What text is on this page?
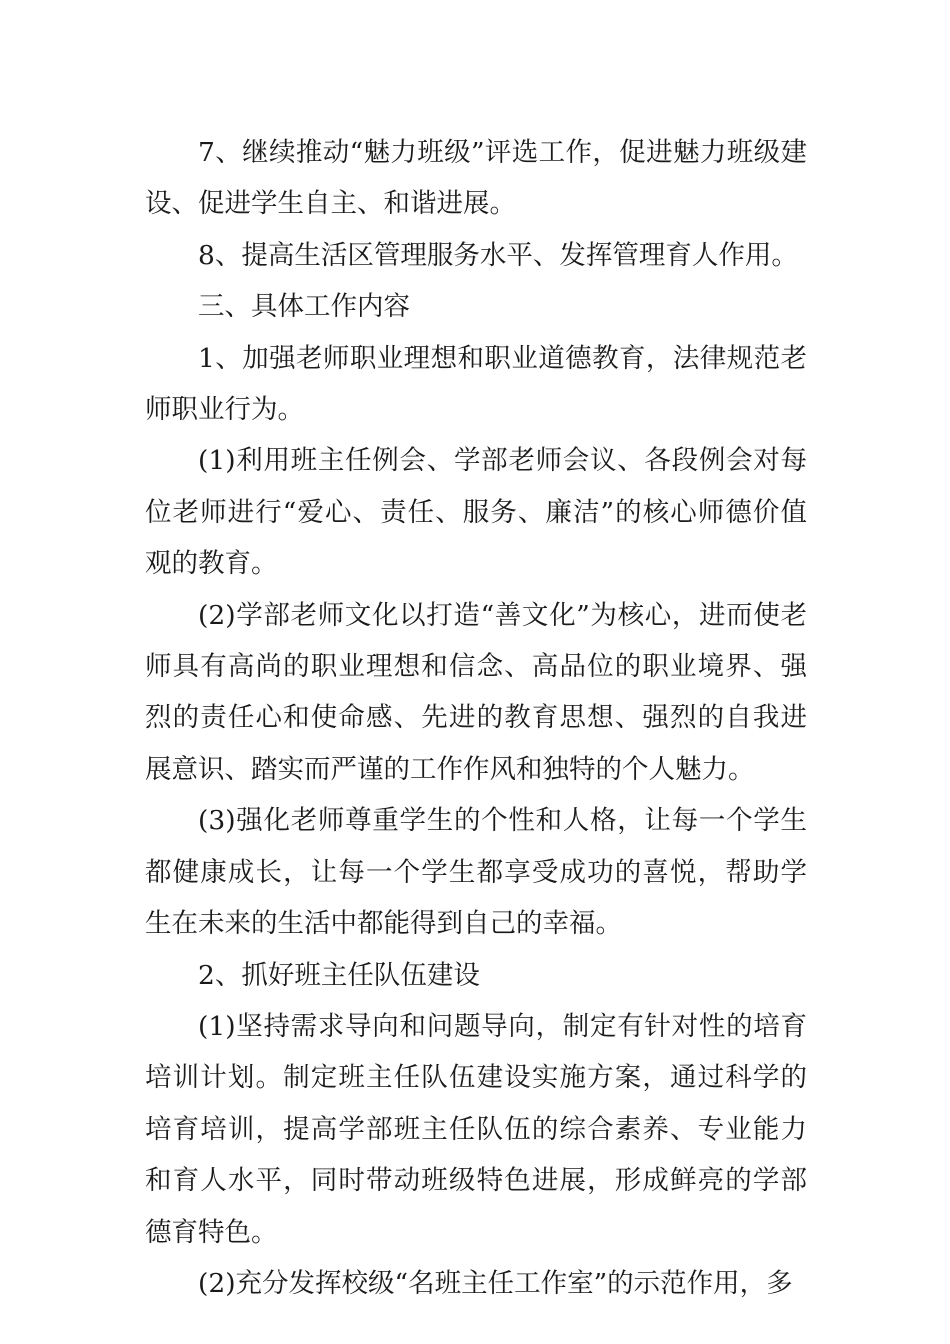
7、继续推动“魅力班级”评选工作，促进魅力班级建设、促进学生自主、和谐进展。

8、提高生活区管理服务水平、发挥管理育人作用。

三、具体工作内容

1、加强老师职业理想和职业道德教育，法律规范老师职业行为。

(1)利用班主任例会、学部老师会议、各段例会对每位老师进行“爱心、责任、服务、廉洁”的核心师德价值观的教育。

(2)学部老师文化以打造“善文化”为核心，进而使老师具有高尚的职业理想和信念、高品位的职业境界、强烈的责任心和使命感、先进的教育思想、强烈的自我进展意识、踏实而严谨的工作作风和独特的个人魅力。

(3)强化老师尊重学生的个性和人格，让每一个学生都健康成长，让每一个学生都享受成功的喜悦，帮助学生在未来的生活中都能得到自己的幸福。

2、抓好班主任队伍建设

(1)坚持需求导向和问题导向，制定有针对性的培育培训计划。制定班主任队伍建设实施方案，通过科学的培育培训，提高学部班主任队伍的综合素养、专业能力和育人水平，同时带动班级特色进展，形成鲜亮的学部德育特色。

(2)充分发挥校级“名班主任工作室”的示范作用，多
